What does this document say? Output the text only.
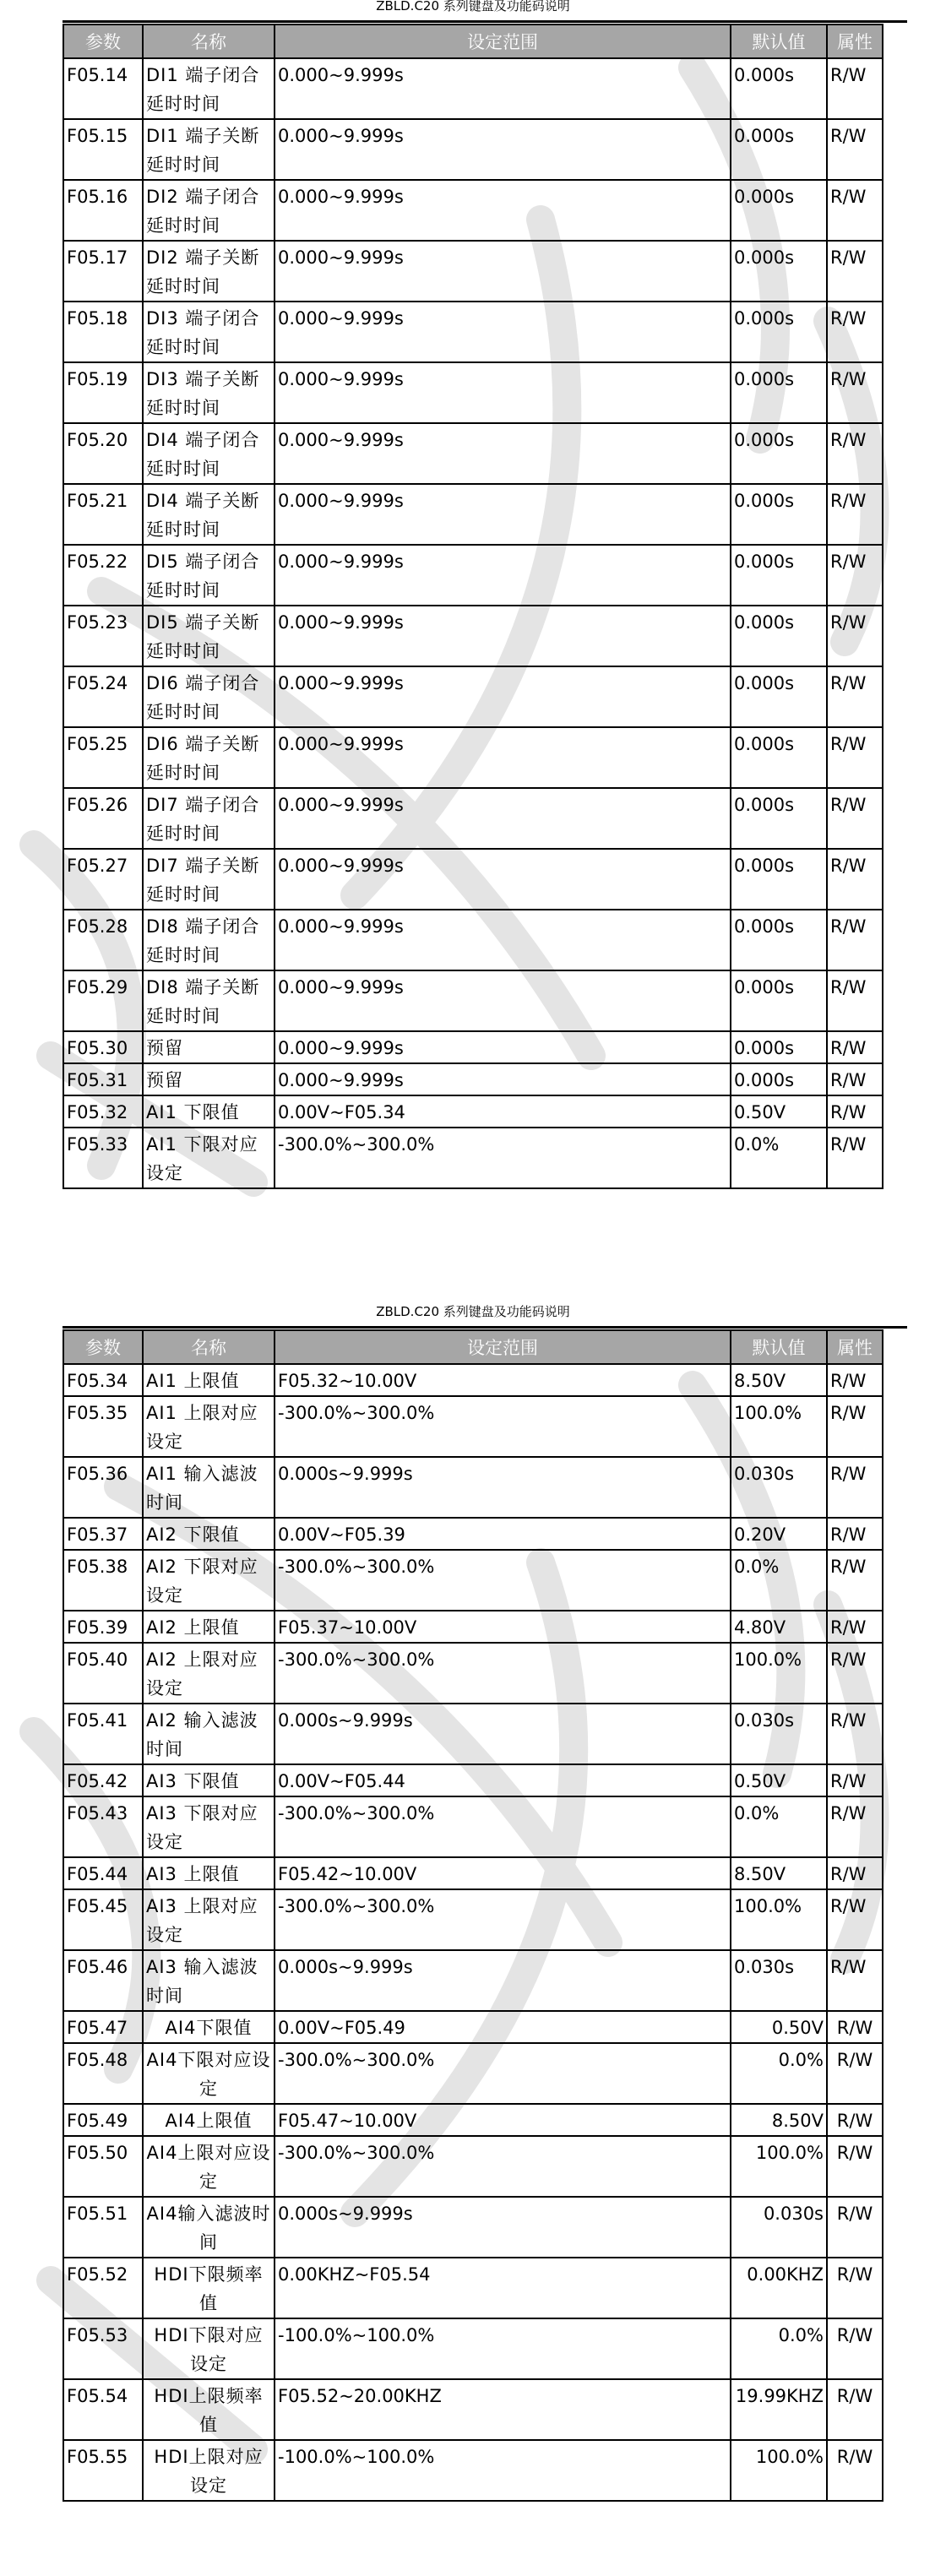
ZBLD.C20 系列键盘及功能码说明
参数	名称	设定范围	默认值	属性
F05.14	DI1 端子闭合延时时间	0.000~9.999s	0.000s	R/W
F05.15	DI1 端子关断延时时间	0.000~9.999s	0.000s	R/W
F05.16	DI2 端子闭合延时时间	0.000~9.999s	0.000s	R/W
F05.17	DI2 端子关断延时时间	0.000~9.999s	0.000s	R/W
F05.18	DI3 端子闭合延时时间	0.000~9.999s	0.000s	R/W
F05.19	DI3 端子关断延时时间	0.000~9.999s	0.000s	R/W
F05.20	DI4 端子闭合延时时间	0.000~9.999s	0.000s	R/W
F05.21	DI4 端子关断延时时间	0.000~9.999s	0.000s	R/W
F05.22	DI5 端子闭合延时时间	0.000~9.999s	0.000s	R/W
F05.23	DI5 端子关断延时时间	0.000~9.999s	0.000s	R/W
F05.24	DI6 端子闭合延时时间	0.000~9.999s	0.000s	R/W
F05.25	DI6 端子关断延时时间	0.000~9.999s	0.000s	R/W
F05.26	DI7 端子闭合延时时间	0.000~9.999s	0.000s	R/W
F05.27	DI7 端子关断延时时间	0.000~9.999s	0.000s	R/W
F05.28	DI8 端子闭合延时时间	0.000~9.999s	0.000s	R/W
F05.29	DI8 端子关断延时时间	0.000~9.999s	0.000s	R/W
F05.30	预留	0.000~9.999s	0.000s	R/W
F05.31	预留	0.000~9.999s	0.000s	R/W
F05.32	AI1 下限值	0.00V~F05.34	0.50V	R/W
F05.33	AI1 下限对应设定	-300.0%~300.0%	0.0%	R/W
ZBLD.C20 系列键盘及功能码说明
参数	名称	设定范围	默认值	属性
F05.34	AI1 上限值	F05.32~10.00V	8.50V	R/W
F05.35	AI1 上限对应设定	-300.0%~300.0%	100.0%	R/W
F05.36	AI1 输入滤波时间	0.000s~9.999s	0.030s	R/W
F05.37	AI2 下限值	0.00V~F05.39	0.20V	R/W
F05.38	AI2 下限对应设定	-300.0%~300.0%	0.0%	R/W
F05.39	AI2 上限值	F05.37~10.00V	4.80V	R/W
F05.40	AI2 上限对应设定	-300.0%~300.0%	100.0%	R/W
F05.41	AI2 输入滤波时间	0.000s~9.999s	0.030s	R/W
F05.42	AI3 下限值	0.00V~F05.44	0.50V	R/W
F05.43	AI3 下限对应设定	-300.0%~300.0%	0.0%	R/W
F05.44	AI3 上限值	F05.42~10.00V	8.50V	R/W
F05.45	AI3 上限对应设定	-300.0%~300.0%	100.0%	R/W
F05.46	AI3 输入滤波时间	0.000s~9.999s	0.030s	R/W
F05.47	AI4下限值	0.00V~F05.49	0.50V	R/W
F05.48	AI4下限对应设定	-300.0%~300.0%	0.0%	R/W
F05.49	AI4上限值	F05.47~10.00V	8.50V	R/W
F05.50	AI4上限对应设定	-300.0%~300.0%	100.0%	R/W
F05.51	AI4输入滤波时间	0.000s~9.999s	0.030s	R/W
F05.52	HDI下限频率值	0.00KHZ~F05.54	0.00KHZ	R/W
F05.53	HDI下限对应设定	-100.0%~100.0%	0.0%	R/W
F05.54	HDI上限频率值	F05.52~20.00KHZ	19.99KHZ	R/W
F05.55	HDI上限对应设定	-100.0%~100.0%	100.0%	R/W
